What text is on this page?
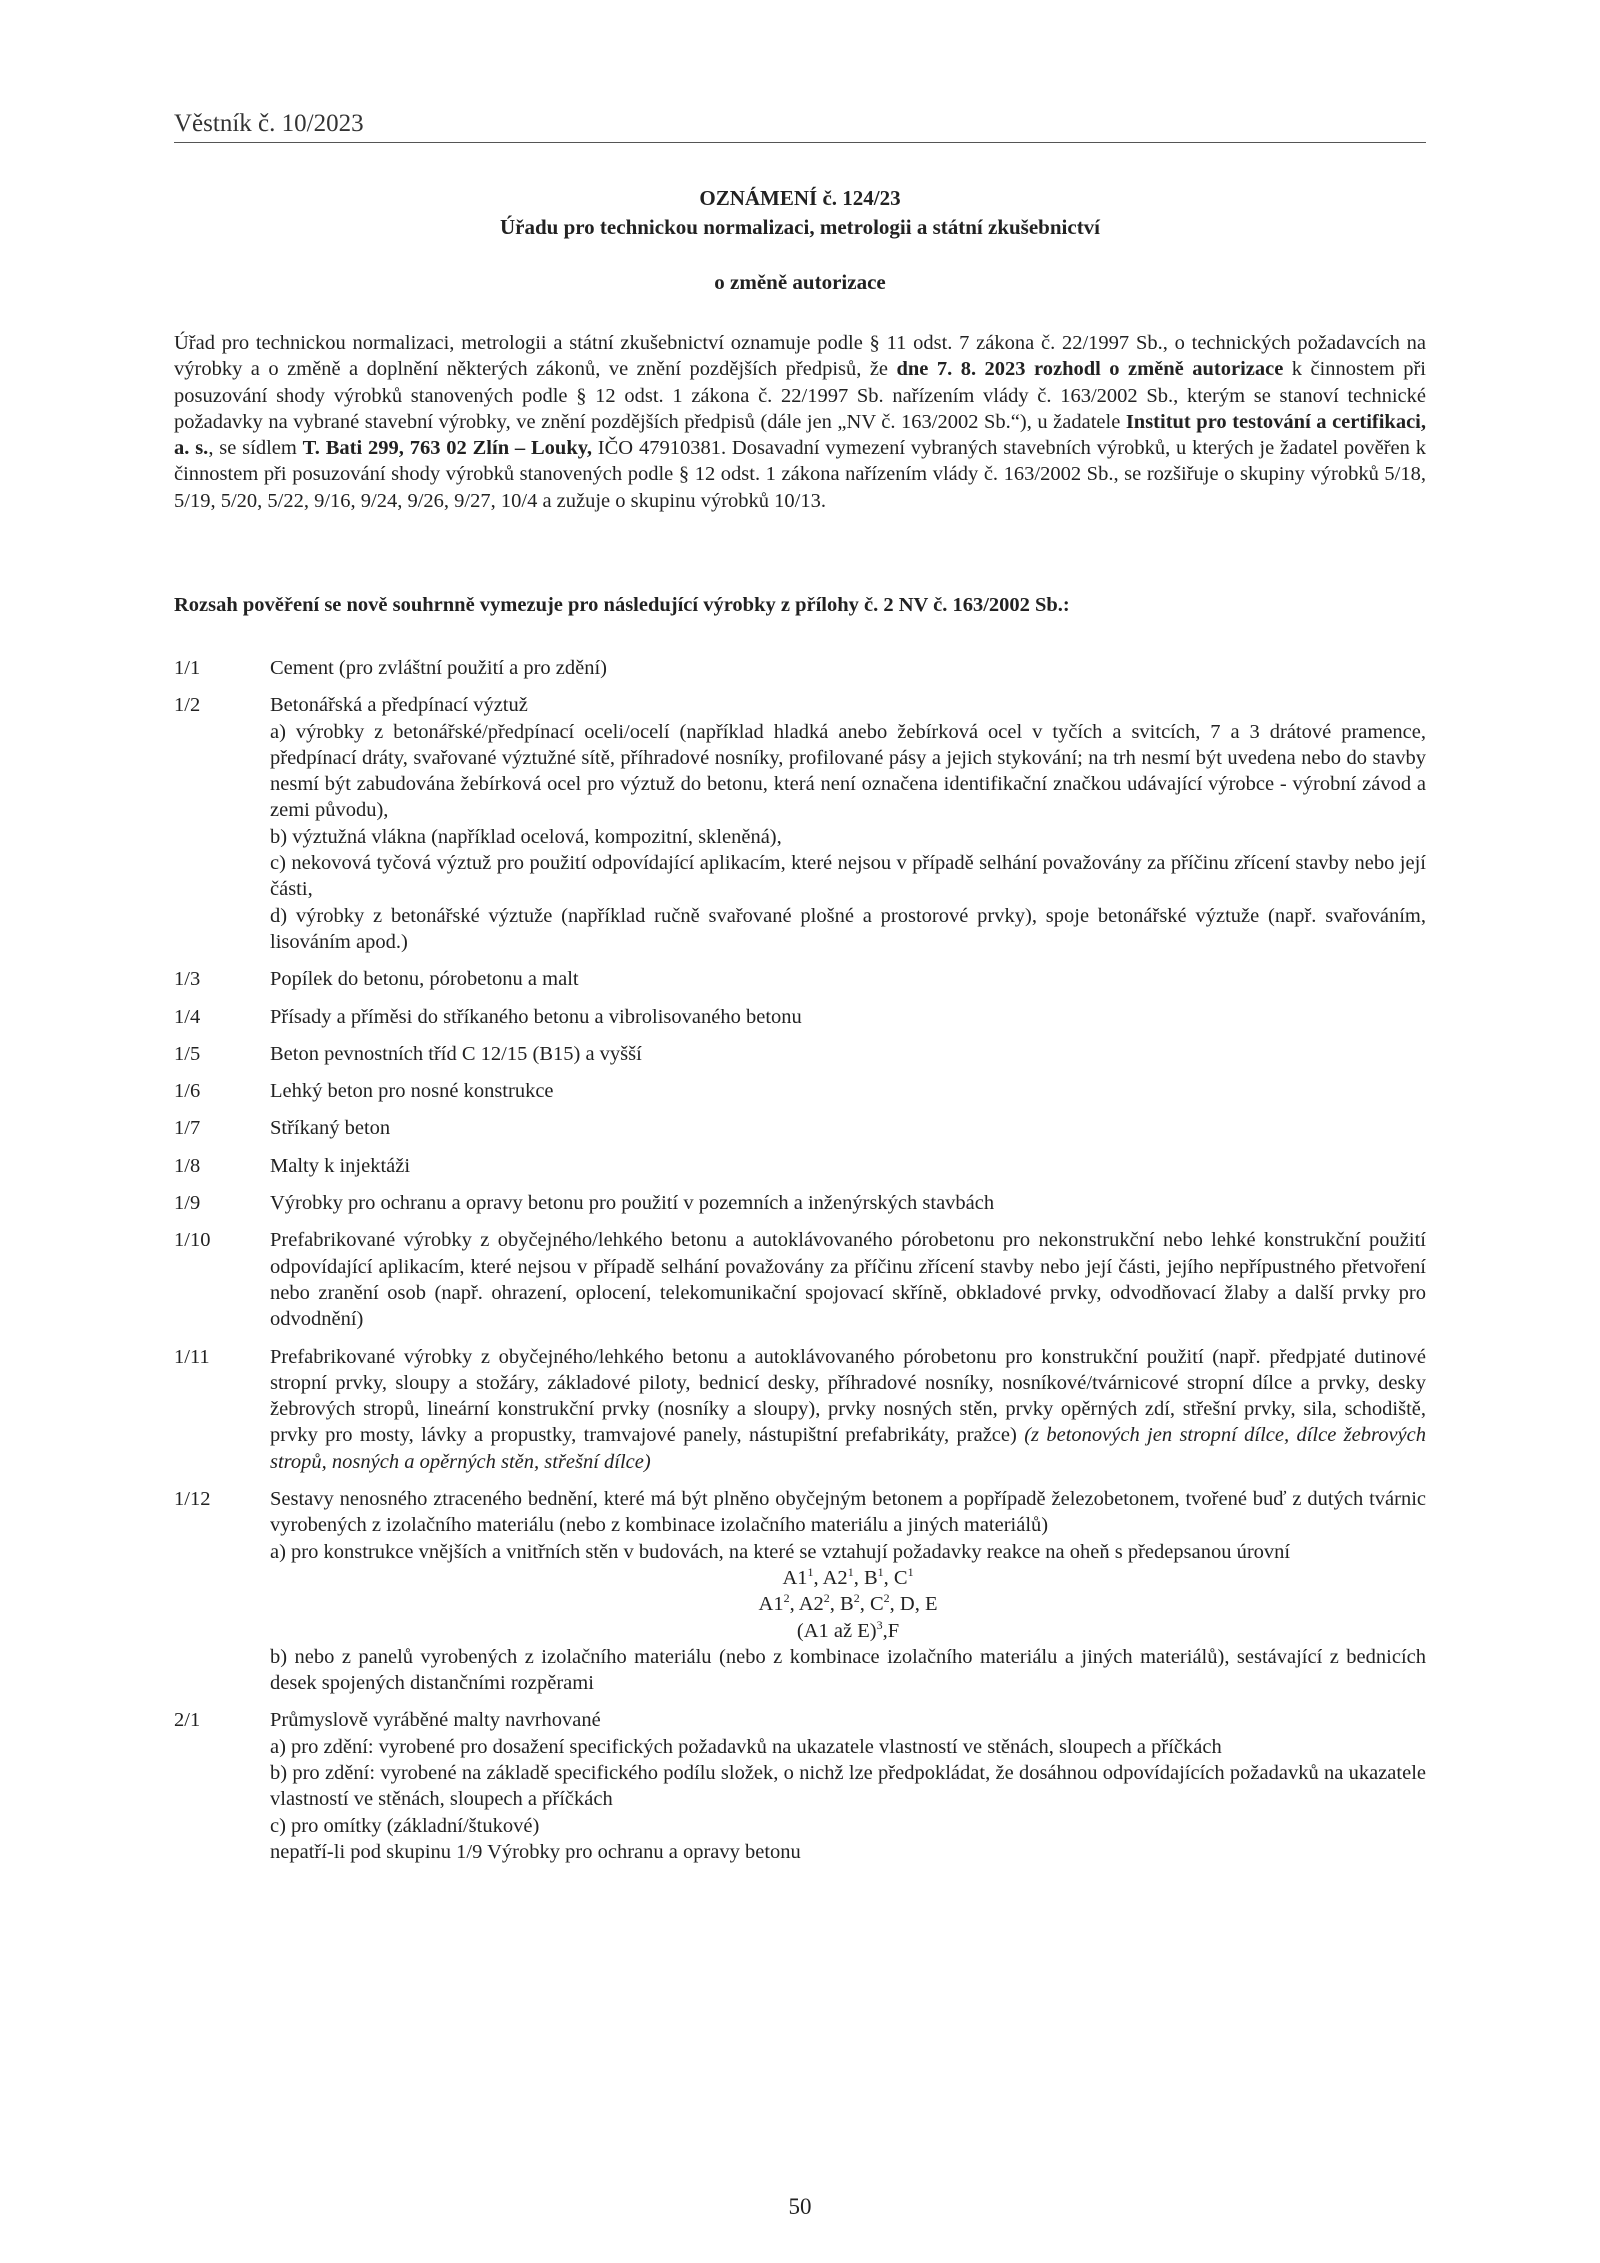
Věstník č. 10/2023
OZNÁMENÍ č. 124/23
Úřadu pro technickou normalizaci, metrologii a státní zkušebnictví
o změně autorizace
Úřad pro technickou normalizaci, metrologii a státní zkušebnictví oznamuje podle § 11 odst. 7 zákona č. 22/1997 Sb., o technických požadavcích na výrobky a o změně a doplnění některých zákonů, ve znění pozdějších předpisů, že dne 7. 8. 2023 rozhodl o změně autorizace k činnostem při posuzování shody výrobků stanovených podle § 12 odst. 1 zákona č. 22/1997 Sb. nařízením vlády č. 163/2002 Sb., kterým se stanoví technické požadavky na vybrané stavební výrobky, ve znění pozdějších předpisů (dále jen „NV č. 163/2002 Sb.“), u žadatele Institut pro testování a certifikaci, a. s., se sídlem T. Bati 299, 763 02 Zlín – Louky, IČO 47910381. Dosavadní vymezení vybraných stavebních výrobků, u kterých je žadatel pověřen k činnostem při posuzování shody výrobků stanovených podle § 12 odst. 1 zákona nařízením vlády č. 163/2002 Sb., se rozšiřuje o skupiny výrobků 5/18, 5/19, 5/20, 5/22, 9/16, 9/24, 9/26, 9/27, 10/4 a zužuje o skupinu výrobků 10/13.
Rozsah pověření se nově souhrnně vymezuje pro následující výrobky z přílohy č. 2 NV č. 163/2002 Sb.:
1/1	Cement (pro zvláštní použití a pro zdění)
1/2	Betonářská a předpínací výztuž
a) výrobky z betonářské/předpínací oceli/ocelí (například hladká anebo žebírková ocel v tyčích a svitcích, 7 a 3 drátové pramence, předpínací dráty, svařované výztužné sítě, příhradové nosníky, profilované pásy a jejich stykování; na trh nesmí být uvedena nebo do stavby nesmí být zabudována žebírková ocel pro výztuž do betonu, která není označena identifikační značkou udávající výrobce - výrobní závod a zemi původu),
b) výztužná vlákna (například ocelová, kompozitní, skleněná),
c) nekovová tyčová výztuž pro použití odpovídající aplikacím, které nejsou v případě selhání považovány za příčinu zřícení stavby nebo její části,
d) výrobky z betonářské výztuže (například ručně svařované plošné a prostorové prvky), spoje betonářské výztuže (např. svařováním, lisováním apod.)
1/3	Popílek do betonu, pórobetonu a malt
1/4	Přísady a příměsi do stříkaného betonu a vibrolisovaného betonu
1/5	Beton pevnostních tříd C 12/15 (B15) a vyšší
1/6	Lehký beton pro nosné konstrukce
1/7	Stříkaný beton
1/8	Malty k injektáži
1/9	Výrobky pro ochranu a opravy betonu pro použití v pozemních a inženýrských stavbách
1/10	Prefabrikované výrobky z obyčejného/lehkého betonu a autoklávovaného pórobetonu pro nekonstrukční nebo lehké konstrukční použití odpovídající aplikacím, které nejsou v případě selhání považovány za příčinu zřícení stavby nebo její části, jejího nepřípustného přetvoření nebo zranění osob (např. ohrazení, oplocení, telekomunikační spojovací skříně, obkladové prvky, odvodňovací žlaby a další prvky pro odvodnění)
1/11	Prefabrikované výrobky z obyčejného/lehkého betonu a autoklávovaného pórobetonu pro konstrukční použití (např. předpjaté dutinové stropní prvky, sloupy a stožáry, základové piloty, bednicí desky, příhradové nosníky, nosníkové/tvárnicové stropní dílce a prvky, desky žebrových stropů, lineární konstrukční prvky (nosníky a sloupy), prvky nosných stěn, prvky opěrných zdí, střešní prvky, sila, schodiště, prvky pro mosty, lávky a propustky, tramvajové panely, nástupištní prefabrikáty, pražce) (z betonových jen stropní dílce, dílce žebrových stropů, nosných a opěrných stěn, střešní dílce)
1/12	Sestavy nenosného ztraceného bednění, které má být plněno obyčejným betonem a popřípadě železobetonem, tvořené buď z dutých tvárnic vyrobených z izolačního materiálu (nebo z kombinace izolačního materiálu a jiných materiálů)
a) pro konstrukce vnějších a vnitřních stěn v budovách, na které se vztahují požadavky reakce na oheň s předepsanou úrovní
$A1^1$, $A2^1$, $B^1$, $C^1$
$A1^2$, $A2^2$, $B^2$, $C^2$, D, E
(A1 až E)$^3$,F
b) nebo z panelů vyrobených z izolačního materiálu (nebo z kombinace izolačního materiálu a jiných materiálů), sestávající z bednicích desek spojených distančními rozpěrami
2/1	Průmyslově vyráběné malty navrhované
a) pro zdění: vyrobené pro dosažení specifických požadavků na ukazatele vlastností ve stěnách, sloupech a příčkách
b) pro zdění: vyrobené na základě specifického podílu složek, o nichž lze předpokládat, že dosáhnou odpovídajících požadavků na ukazatele vlastností ve stěnách, sloupech a příčkách
c) pro omítky (základní/štukové)
nepatří-li pod skupinu 1/9 Výrobky pro ochranu a opravy betonu
50
